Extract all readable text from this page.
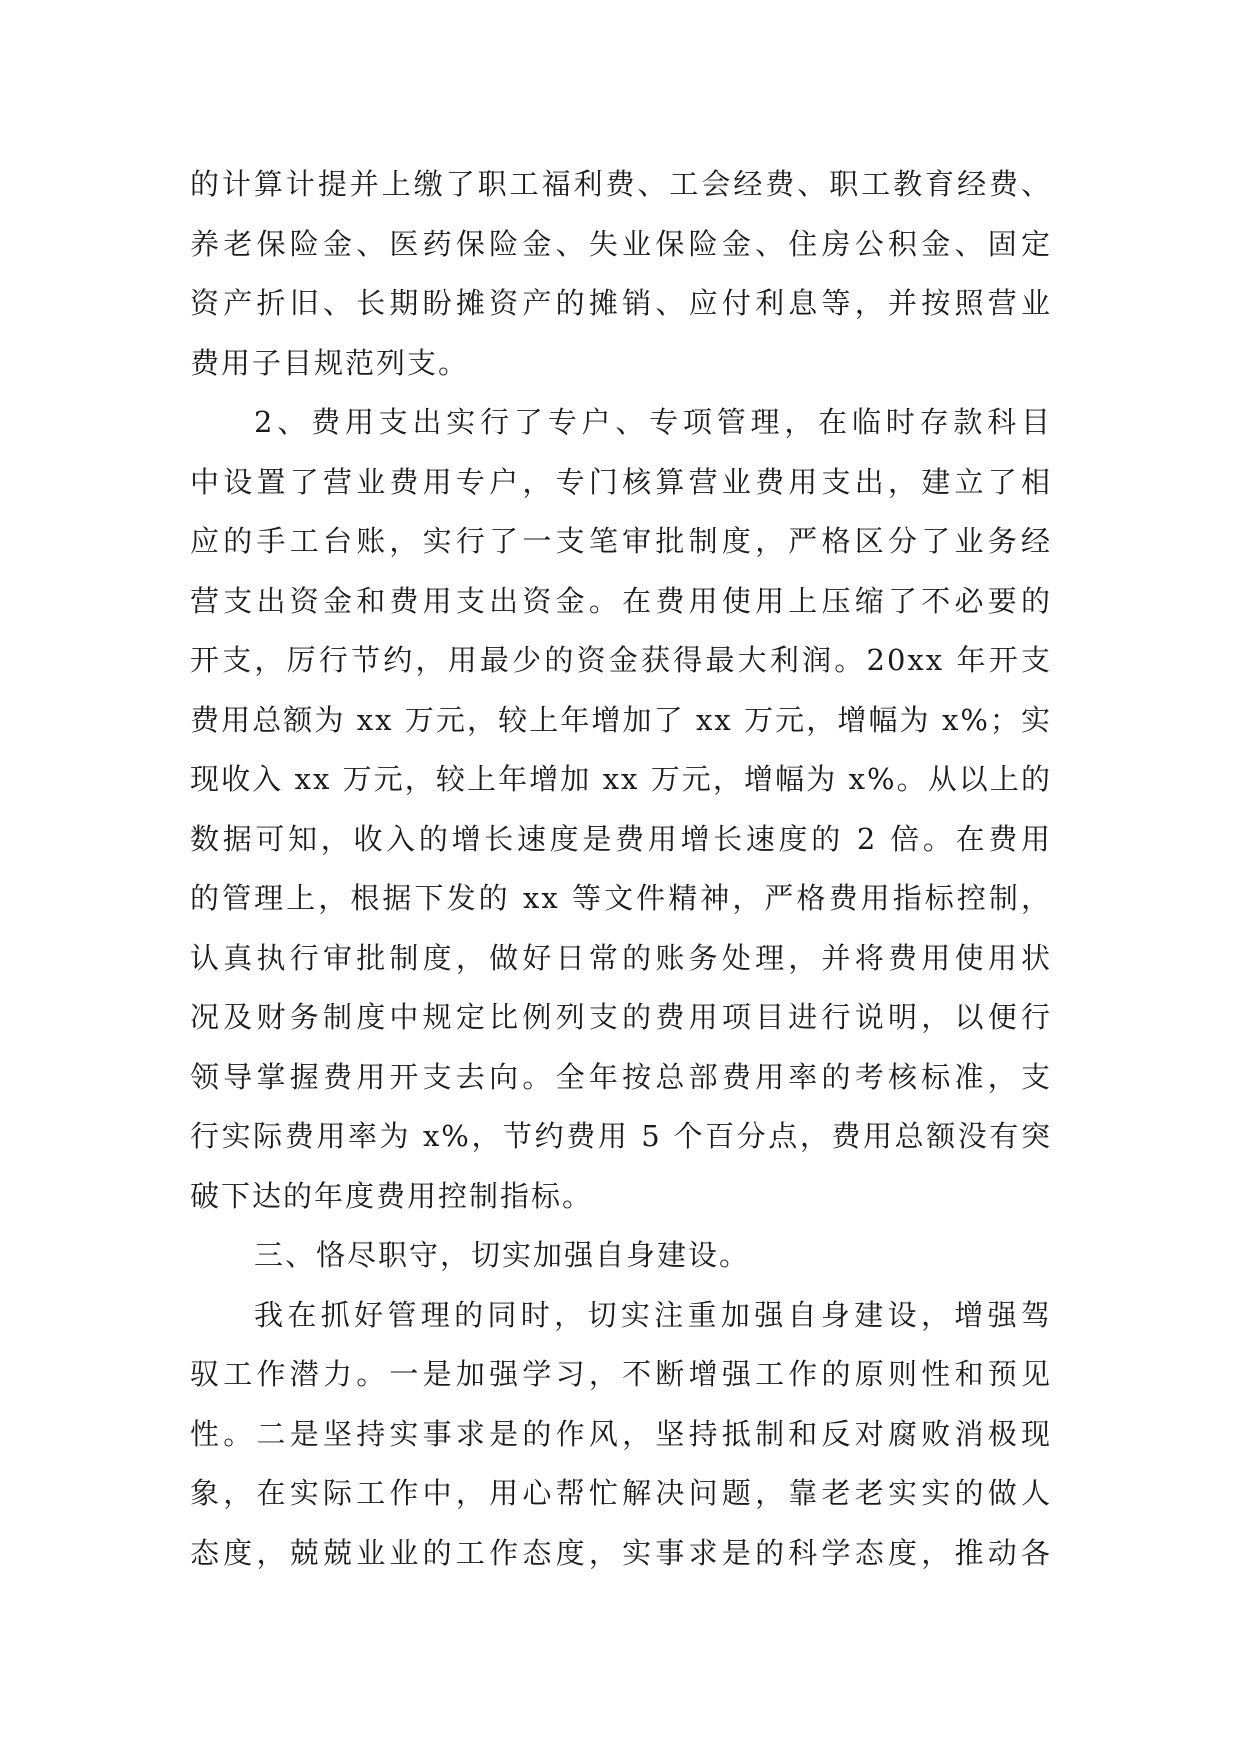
的计算计提并上缴了职工福利费、工会经费、职工教育经费、
养老保险金、医药保险金、失业保险金、住房公积金、固定
资产折旧、长期盼摊资产的摊销、应付利息等，并按照营业
费用子目规范列支。
2、费用支出实行了专户、专项管理，在临时存款科目
中设置了营业费用专户，专门核算营业费用支出，建立了相
应的手工台账，实行了一支笔审批制度，严格区分了业务经
营支出资金和费用支出资金。在费用使用上压缩了不必要的
开支，厉行节约，用最少的资金获得最大利润。20xx 年开支
费用总额为 xx 万元，较上年增加了 xx 万元，增幅为 x%；实
现收入 xx 万元，较上年增加 xx 万元，增幅为 x%。从以上的
数据可知，收入的增长速度是费用增长速度的 2 倍。在费用
的管理上，根据下发的 xx 等文件精神，严格费用指标控制，
认真执行审批制度，做好日常的账务处理，并将费用使用状
况及财务制度中规定比例列支的费用项目进行说明，以便行
领导掌握费用开支去向。全年按总部费用率的考核标准，支
行实际费用率为 x%，节约费用 5 个百分点，费用总额没有突
破下达的年度费用控制指标。
三、恪尽职守，切实加强自身建设。
我在抓好管理的同时，切实注重加强自身建设，增强驾
驭工作潜力。一是加强学习，不断增强工作的原则性和预见
性。二是坚持实事求是的作风，坚持抵制和反对腐败消极现
象，在实际工作中，用心帮忙解决问题，靠老老实实的做人
态度，兢兢业业的工作态度，实事求是的科学态度，推动各
